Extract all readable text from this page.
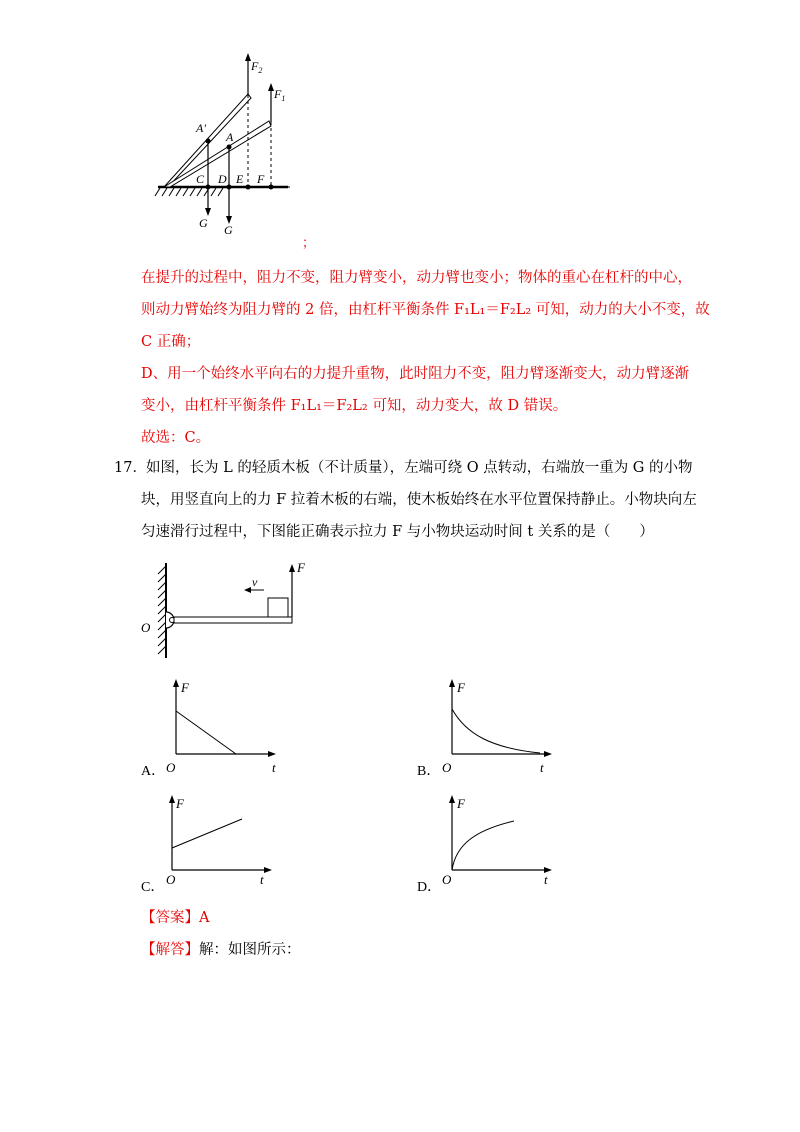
$F_2$
$F_1$
A'
A
C D E F
G G
；
在提升的过程中，阻力不变，阻力臂变小，动力臂也变小；物体的重心在杠杆的中心，
则动力臂始终为阻力臂的 2 倍，由杠杆平衡条件 F₁L₁＝F₂L₂ 可知，动力的大小不变，故
C 正确；
D、用一个始终水平向右的力提升重物，此时阻力不变，阻力臂逐渐变大，动力臂逐渐
变小，由杠杆平衡条件 F₁L₁＝F₂L₂ 可知，动力变大，故 D 错误。
故选：C。
17． 如图，长为 L 的轻质木板（不计质量），左端可绕 O 点转动，右端放一重为 G 的小物
块，用竖直向上的力 F 拉着木板的右端，使木板始终在水平位置保持静止。小物块向左
匀速滑行过程中，下图能正确表示拉力 F 与小物块运动时间 t 关系的是（　　）
O
v
F
A．
F
O	t	B．
F
O	t
C．
F
O	t
D．
F
O	t
【答案】A
【解答】解：如图所示：
